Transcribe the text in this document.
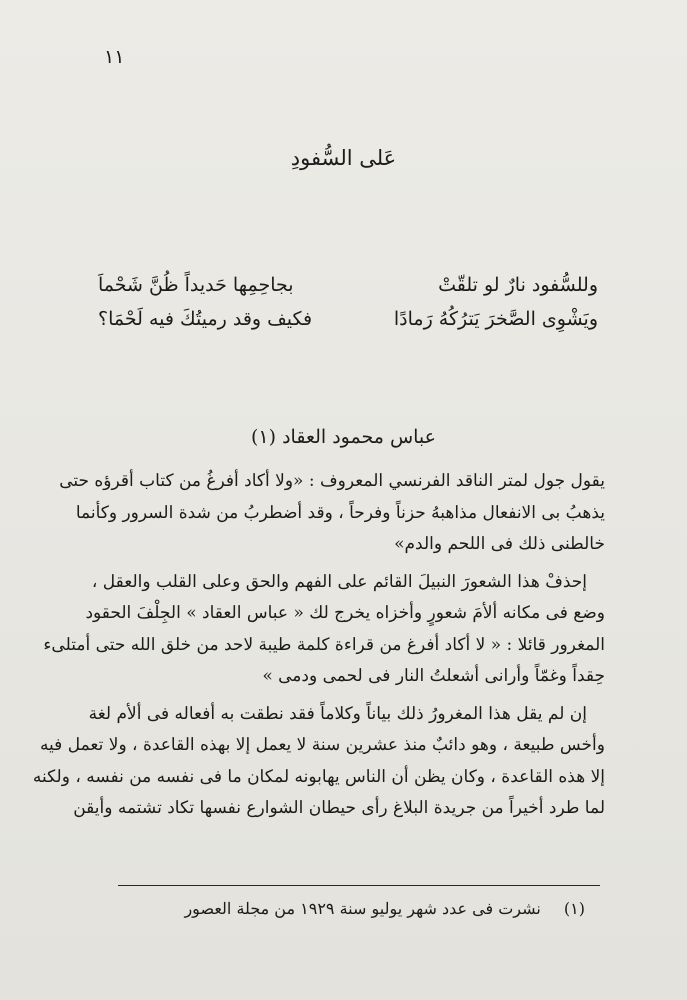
١١
عَلى السُّفودِ
وللسُّفود نارٌ لو تلقّتْ
بجاحِمِها حَديداً ظُنَّ شَحْماَ
ويَشْوِى الصَّخرَ يَترُكُهُ رَمادًا
فكيف وقد رميتُكَ فيه لَحْمَا؟
عباس محمود العقاد (١)
يقول جول لمتر الناقد الفرنسي المعروف : «ولا أكاد أفرغُ من كتاب أقرؤه حتى
يذهبُ بى الانفعال مذاهبهُ حزناً وفرحاً ، وقد أضطربُ من شدة السرور وكأنما
خالطنى ذلك فى اللحم والدم»
إحذفْ هذا الشعورَ النبيلَ القائم على الفهم والحق وعلى القلب والعقل ،
وضع فى مكانه ألأمَ شعورٍ وأخزاه يخرج لك « عباس العقاد » الجِلْفَ الحقود
المغرور قائلا : « لا أكاد أفرغ من قراءة كلمة طيبة لاحد من خلق الله حتى أمتلىء
حِقداً وغمّاً وأرانى أشعلتُ النار فى لحمى ودمى »
إن لم يقل هذا المغرورُ ذلك بياناً وكلاماً فقد نطقت به أفعاله فى ألأم لغة
وأخس طبيعة ، وهو دائبٌ منذ عشرين سنة لا يعمل إلا بهذه القاعدة ، ولا تعمل فيه
إلا هذه القاعدة ، وكان يظن أن الناس يهابونه لمكان ما فى نفسه من نفسه ، ولكنه
لما طرد أخيراً من جريدة البلاغ رأى حيطان الشوارع نفسها تكاد تشتمه وأيقن
(١) نشرت فى عدد شهر يوليو سنة ١٩٢٩ من مجلة العصور
